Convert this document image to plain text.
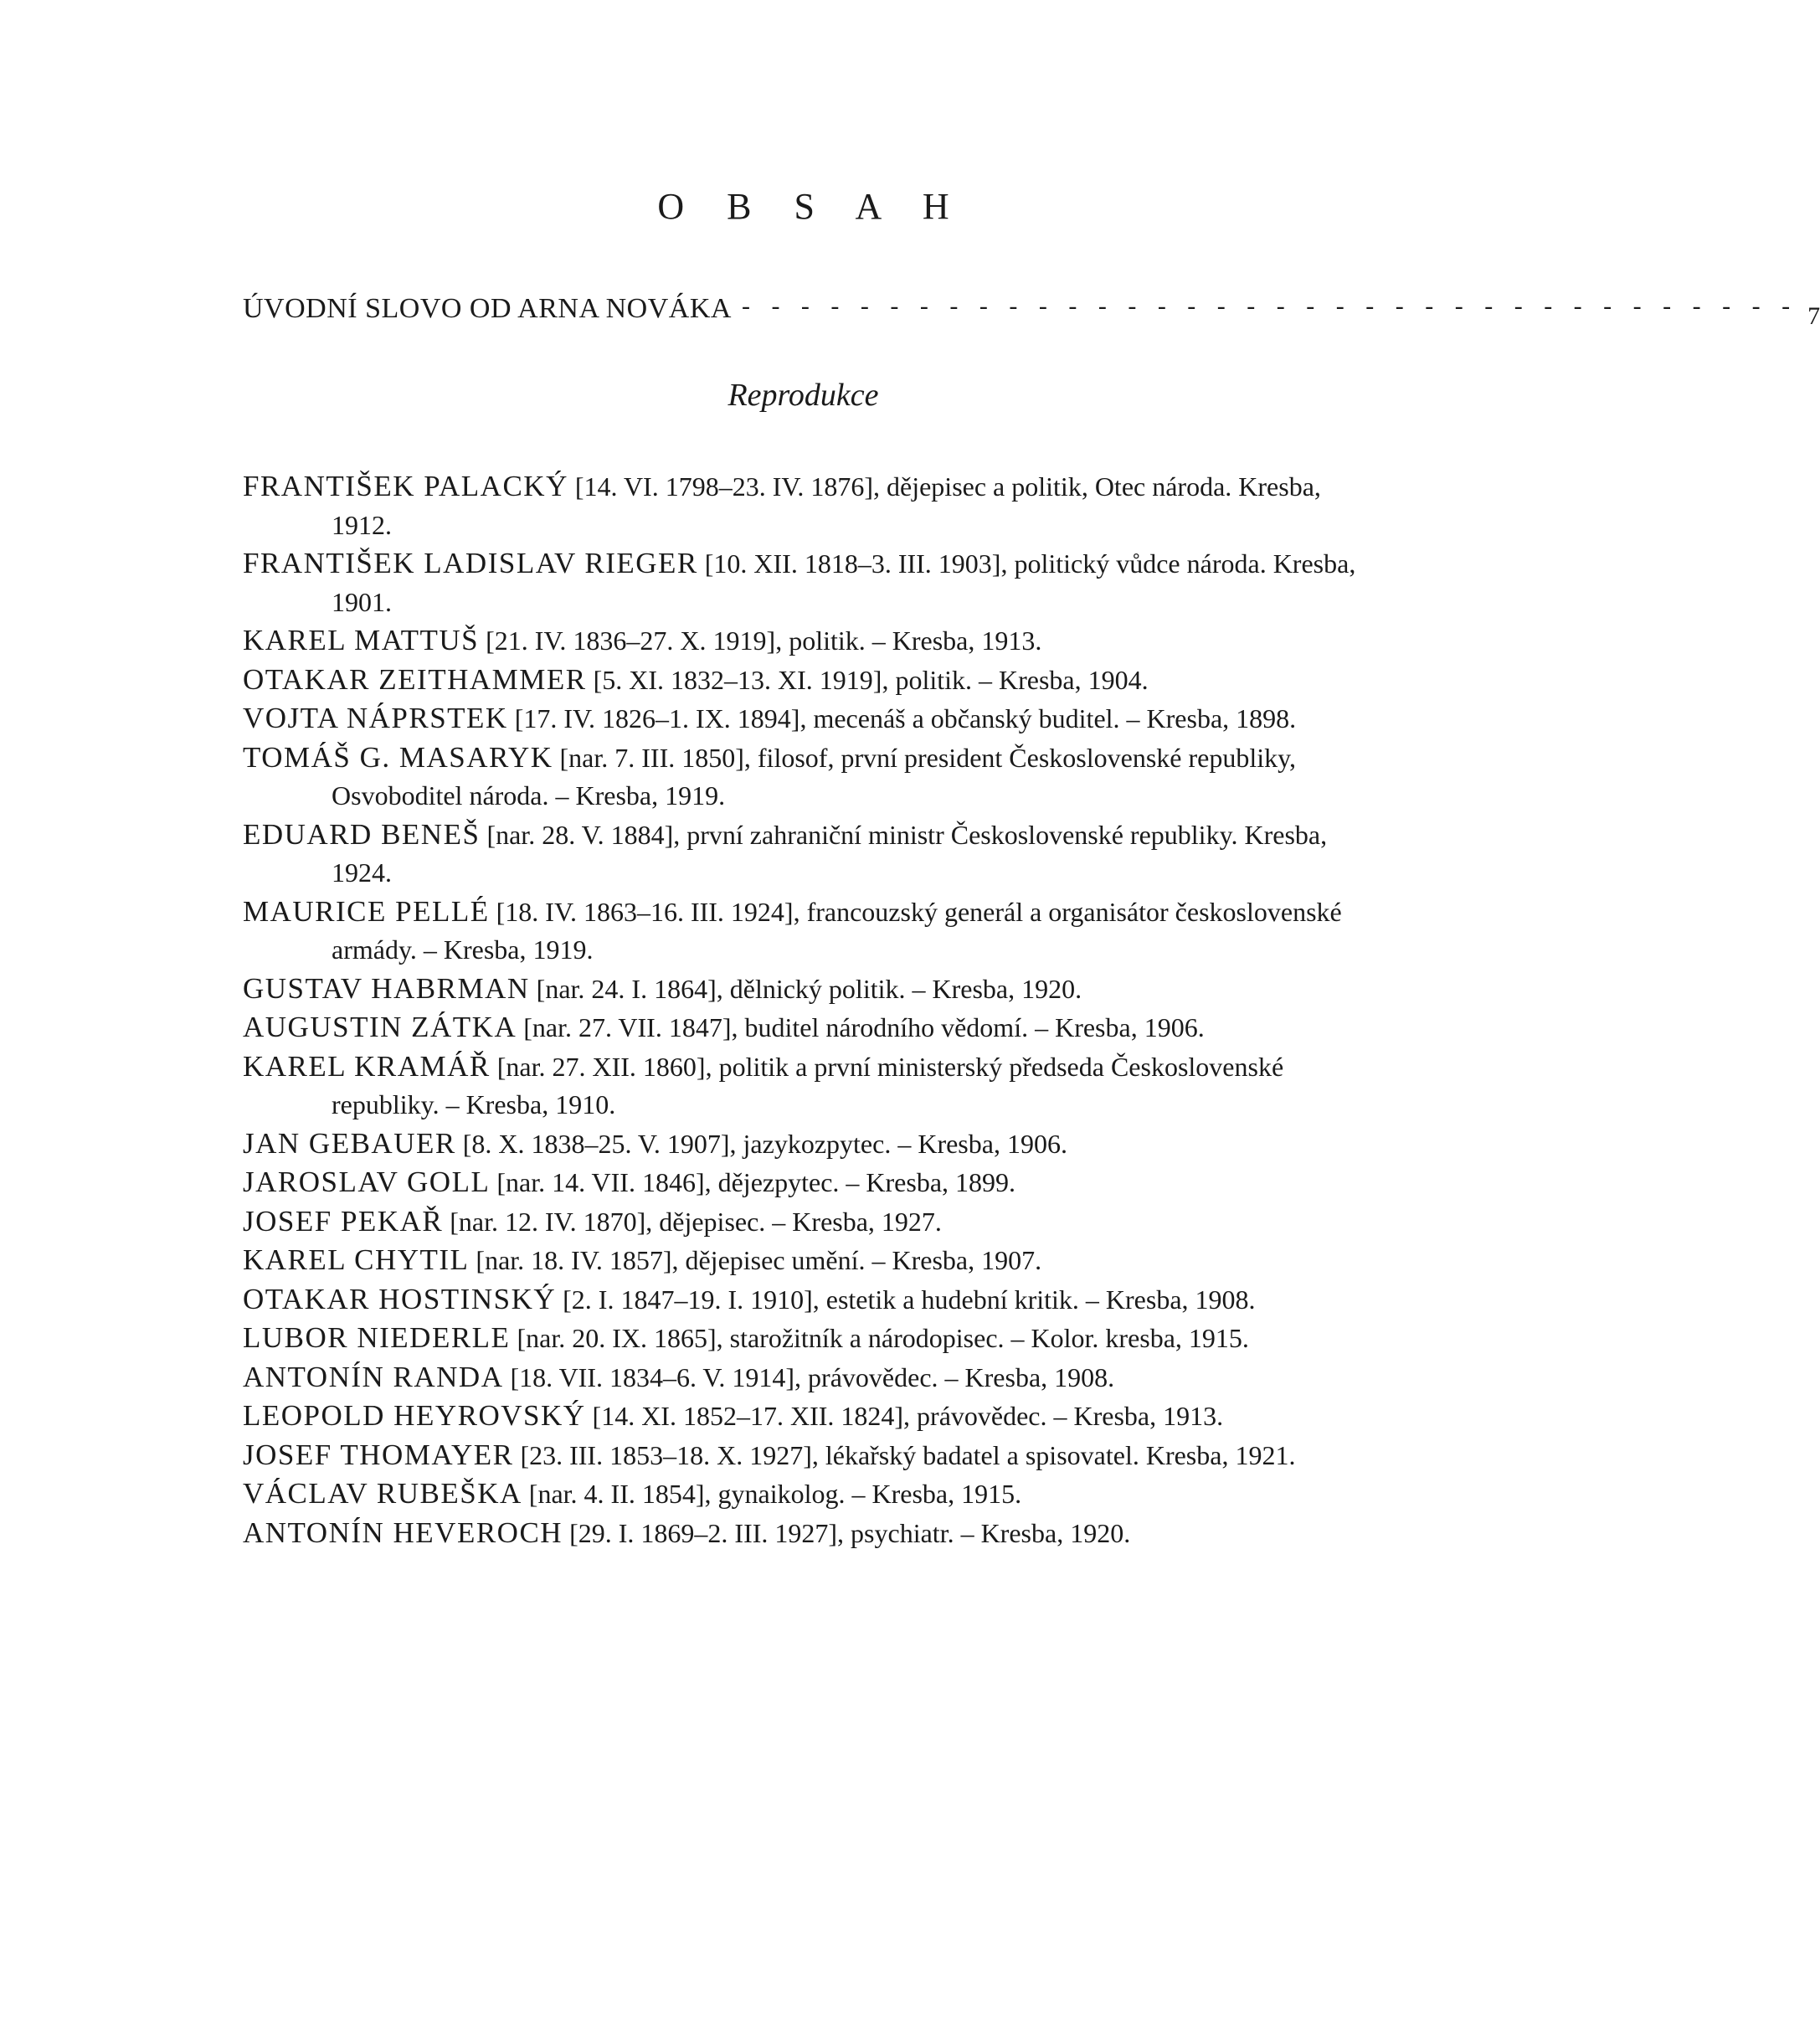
O B S A H
ÚVODNÍ SLOVO OD ARNA NOVÁKA - - - - - - - - - - - - - - - - - - - - - - - - - - - - - - - - - - - - 7
Reprodukce

FRANTIŠEK PALACKÝ [14. VI. 1798–23. IV. 1876], dějepisec a politik, Otec národa. Kresba, 1912.

FRANTIŠEK LADISLAV RIEGER [10. XII. 1818–3. III. 1903], politický vůdce národa. Kresba, 1901.

KAREL MATTUŠ [21. IV. 1836–27. X. 1919], politik. – Kresba, 1913.

OTAKAR ZEITHAMMER [5. XI. 1832–13. XI. 1919], politik. – Kresba, 1904.

VOJTA NÁPRSTEK [17. IV. 1826–1. IX. 1894], mecenáš a občanský buditel. – Kresba, 1898.

TOMÁŠ G. MASARYK [nar. 7. III. 1850], filosof, první president Československé republiky, Osvoboditel národa. – Kresba, 1919.

EDUARD BENEŠ [nar. 28. V. 1884], první zahraniční ministr Československé republiky. Kresba, 1924.

MAURICE PELLÉ [18. IV. 1863–16. III. 1924], francouzský generál a organisátor československé armády. – Kresba, 1919.

GUSTAV HABRMAN [nar. 24. I. 1864], dělnický politik. – Kresba, 1920.

AUGUSTIN ZÁTKA [nar. 27. VII. 1847], buditel národního vědomí. – Kresba, 1906.

KAREL KRAMÁŘ [nar. 27. XII. 1860], politik a první ministerský předseda Československé republiky. – Kresba, 1910.

JAN GEBAUER [8. X. 1838–25. V. 1907], jazykozpytec. – Kresba, 1906.

JAROSLAV GOLL [nar. 14. VII. 1846], dějezpytec. – Kresba, 1899.

JOSEF PEKAŘ [nar. 12. IV. 1870], dějepisec. – Kresba, 1927.

KAREL CHYTIL [nar. 18. IV. 1857], dějepisec umění. – Kresba, 1907.

OTAKAR HOSTINSKÝ [2. I. 1847–19. I. 1910], estetik a hudební kritik. – Kresba, 1908.

LUBOR NIEDERLE [nar. 20. IX. 1865], starožitník a národopisec. – Kolor. kresba, 1915.

ANTONÍN RANDA [18. VII. 1834–6. V. 1914], právovědec. – Kresba, 1908.

LEOPOLD HEYROVSKÝ [14. XI. 1852–17. XII. 1824], právovědec. – Kresba, 1913.

JOSEF THOMAYER [23. III. 1853–18. X. 1927], lékařský badatel a spisovatel. Kresba, 1921.

VÁCLAV RUBEŠKA [nar. 4. II. 1854], gynaikolog. – Kresba, 1915.

ANTONÍN HEVEROCH [29. I. 1869–2. III. 1927], psychiatr. – Kresba, 1920.
